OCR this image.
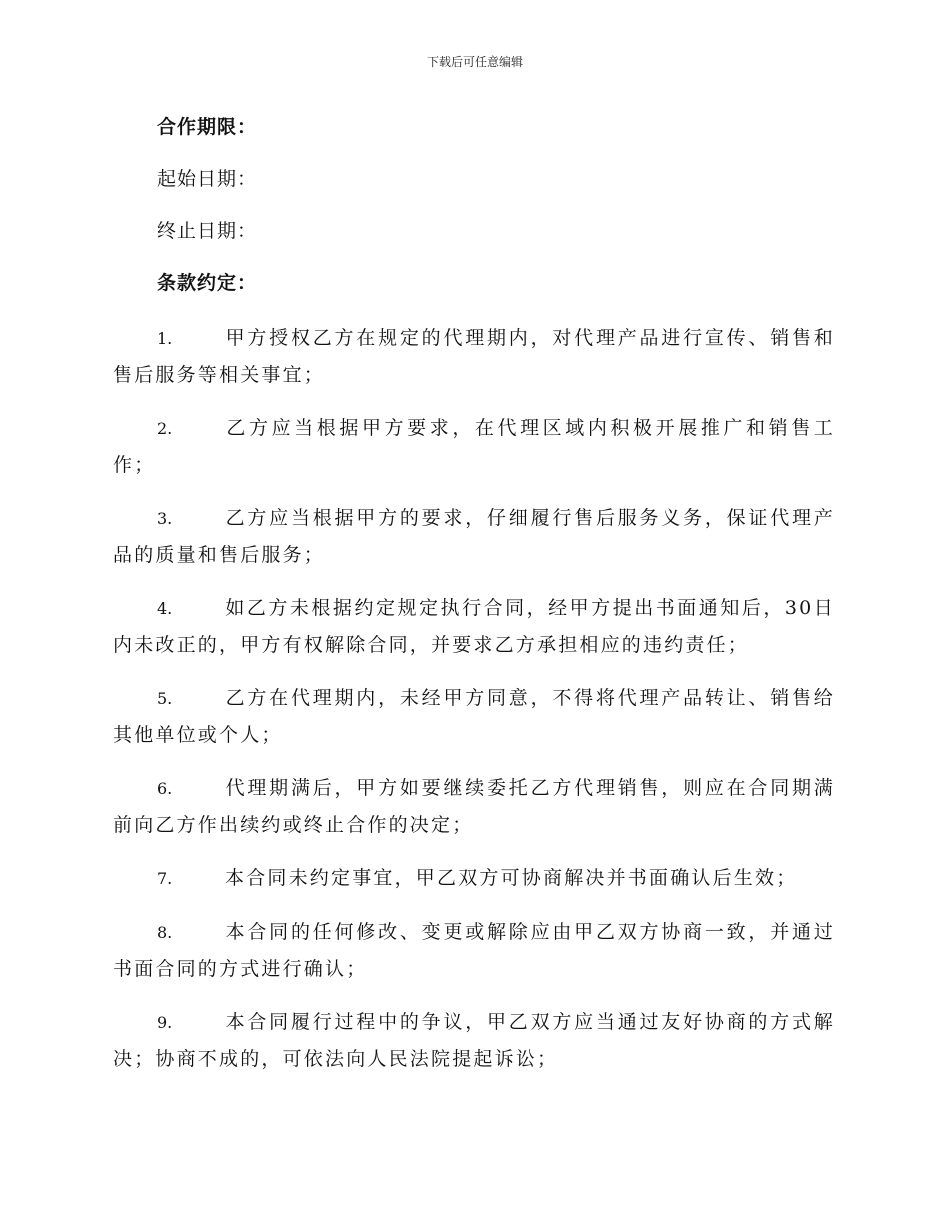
下载后可任意编辑

合作期限：

起始日期：

终止日期：

条款约定：

1.	甲方授权乙方在规定的代理期内，对代理产品进行宣传、销售和售后服务等相关事宜；

2.	乙方应当根据甲方要求，在代理区域内积极开展推广和销售工作；

3.	乙方应当根据甲方的要求，仔细履行售后服务义务，保证代理产品的质量和售后服务；

4.	如乙方未根据约定规定执行合同，经甲方提出书面通知后，30日内未改正的，甲方有权解除合同，并要求乙方承担相应的违约责任；

5.	乙方在代理期内，未经甲方同意，不得将代理产品转让、销售给其他单位或个人；

6.	代理期满后，甲方如要继续委托乙方代理销售，则应在合同期满前向乙方作出续约或终止合作的决定；

7.	本合同未约定事宜，甲乙双方可协商解决并书面确认后生效；

8.	本合同的任何修改、变更或解除应由甲乙双方协商一致，并通过书面合同的方式进行确认；

9.	本合同履行过程中的争议，甲乙双方应当通过友好协商的方式解决；协商不成的，可依法向人民法院提起诉讼；
